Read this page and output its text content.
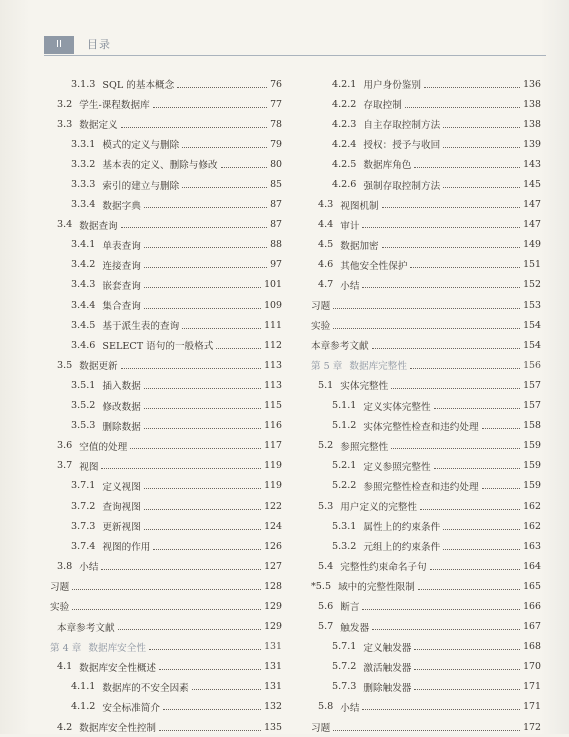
II	目录
3.1.3 SQL 的基本概念	76
3.2 学生-课程数据库	77
3.3 数据定义	78
3.3.1 模式的定义与删除	79
3.3.2 基本表的定义、删除与修改	80
3.3.3 索引的建立与删除	85
3.3.4 数据字典	87
3.4 数据查询	87
3.4.1 单表查询	88
3.4.2 连接查询	97
3.4.3 嵌套查询	101
3.4.4 集合查询	109
3.4.5 基于派生表的查询	111
3.4.6 SELECT 语句的一般格式	112
3.5 数据更新	113
3.5.1 插入数据	113
3.5.2 修改数据	115
3.5.3 删除数据	116
3.6 空值的处理	117
3.7 视图	119
3.7.1 定义视图	119
3.7.2 查询视图	122
3.7.3 更新视图	124
3.7.4 视图的作用	126
3.8 小结	127
习题	128
实验	129
本章参考文献	129
第 4 章 数据库安全性	131
4.1 数据库安全性概述	131
4.1.1 数据库的不安全因素	131
4.1.2 安全标准简介	132
4.2 数据库安全性控制	135
4.2.1 用户身份鉴别	136
4.2.2 存取控制	138
4.2.3 自主存取控制方法	138
4.2.4 授权：授予与收回	139
4.2.5 数据库角色	143
4.2.6 强制存取控制方法	145
4.3 视图机制	147
4.4 审计	147
4.5 数据加密	149
4.6 其他安全性保护	151
4.7 小结	152
习题	153
实验	154
本章参考文献	154
第 5 章 数据库完整性	156
5.1 实体完整性	157
5.1.1 定义实体完整性	157
5.1.2 实体完整性检查和违约处理	158
5.2 参照完整性	159
5.2.1 定义参照完整性	159
5.2.2 参照完整性检查和违约处理	159
5.3 用户定义的完整性	162
5.3.1 属性上的约束条件	162
5.3.2 元组上的约束条件	163
5.4 完整性约束命名子句	164
*5.5 域中的完整性限制	165
5.6 断言	166
5.7 触发器	167
5.7.1 定义触发器	168
5.7.2 激活触发器	170
5.7.3 删除触发器	171
5.8 小结	171
习题	172
